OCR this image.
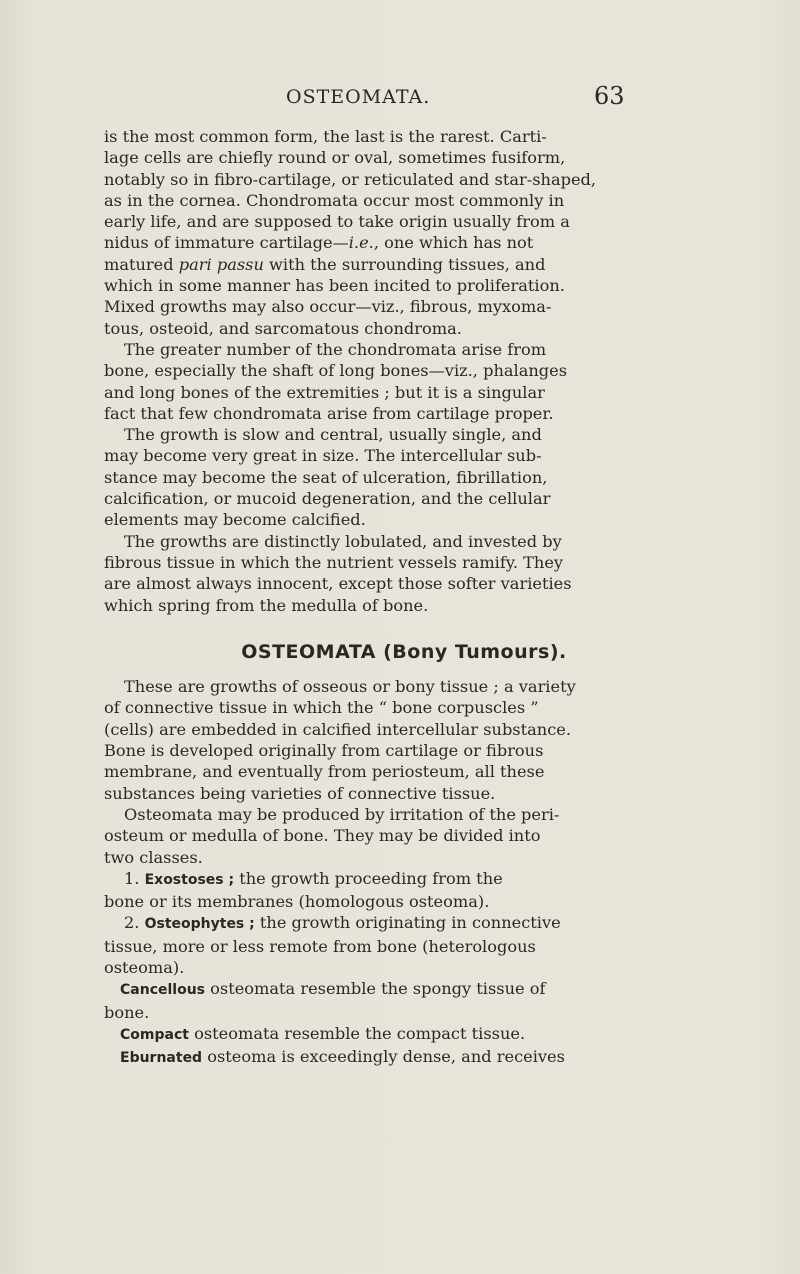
OSTEOMATA.	63
is the most common form, the last is the rarest. Carti-
lage cells are chiefly round or oval, sometimes fusiform,
notably so in fibro-cartilage, or reticulated and star-shaped,
as in the cornea. Chondromata occur most commonly in
early life, and are supposed to take origin usually from a
nidus of immature cartilage—i.e., one which has not
matured pari passu with the surrounding tissues, and
which in some manner has been incited to proliferation.
Mixed growths may also occur—viz., fibrous, myxoma-
tous, osteoid, and sarcomatous chondroma.
The greater number of the chondromata arise from
bone, especially the shaft of long bones—viz., phalanges
and long bones of the extremities ; but it is a singular
fact that few chondromata arise from cartilage proper.
The growth is slow and central, usually single, and
may become very great in size. The intercellular sub-
stance may become the seat of ulceration, fibrillation,
calcification, or mucoid degeneration, and the cellular
elements may become calcified.
The growths are distinctly lobulated, and invested by
fibrous tissue in which the nutrient vessels ramify. They
are almost always innocent, except those softer varieties
which spring from the medulla of bone.
OSTEOMATA (Bony Tumours).
These are growths of osseous or bony tissue ; a variety
of connective tissue in which the “ bone corpuscles ”
(cells) are embedded in calcified intercellular substance.
Bone is developed originally from cartilage or fibrous
membrane, and eventually from periosteum, all these
substances being varieties of connective tissue.
Osteomata may be produced by irritation of the peri-
osteum or medulla of bone. They may be divided into
two classes.
1. Exostoses ; the growth proceeding from the
bone or its membranes (homologous osteoma).
2. Osteophytes ; the growth originating in connective
tissue, more or less remote from bone (heterologous
osteoma).
Cancellous osteomata resemble the spongy tissue of
bone.
Compact osteomata resemble the compact tissue.
Eburnated osteoma is exceedingly dense, and receives
